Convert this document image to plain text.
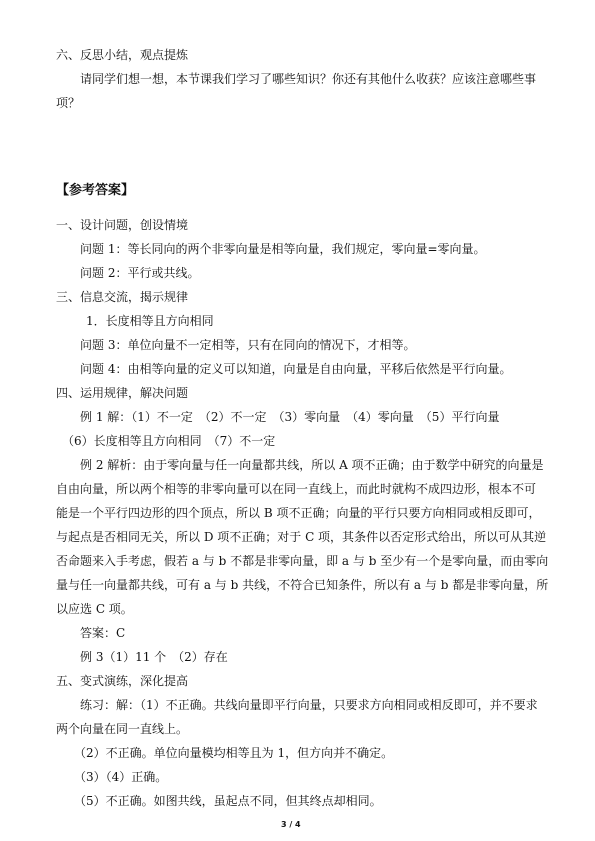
六、反思小结，观点提炼
请同学们想一想，本节课我们学习了哪些知识？你还有其他什么收获？应该注意哪些事
项？
【参考答案】
一、设计问题，创设情境
问题 1：等长同向的两个非零向量是相等向量，我们规定，零向量=零向量。
问题 2：平行或共线。
三、信息交流，揭示规律
1．长度相等且方向相同
问题 3：单位向量不一定相等，只有在同向的情况下，才相等。
问题 4：由相等向量的定义可以知道，向量是自由向量，平移后依然是平行向量。
四、运用规律，解决问题
例 1 解：（1）不一定　（2）不一定　（3）零向量　（4）零向量　（5）平行向量
（6）长度相等且方向相同　（7）不一定
例 2 解析：由于零向量与任一向量都共线，所以 A 项不正确；由于数学中研究的向量是
自由向量，所以两个相等的非零向量可以在同一直线上，而此时就构不成四边形，根本不可
能是一个平行四边形的四个顶点，所以 B 项不正确；向量的平行只要方向相同或相反即可，
与起点是否相同无关，所以 D 项不正确；对于 C 项，其条件以否定形式给出，所以可从其逆
否命题来入手考虑，假若 a 与 b 不都是非零向量，即 a 与 b 至少有一个是零向量，而由零向
量与任一向量都共线，可有 a 与 b 共线，不符合已知条件，所以有 a 与 b 都是非零向量，所
以应选 C 项。
答案：C
例 3（1）11 个　（2）存在
五、变式演练，深化提高
练习：解：（1）不正确。共线向量即平行向量，只要求方向相同或相反即可，并不要求
两个向量在同一直线上。
（2）不正确。单位向量模均相等且为 1，但方向并不确定。
（3）（4）正确。
（5）不正确。如图共线，虽起点不同，但其终点却相同。
3 / 4
